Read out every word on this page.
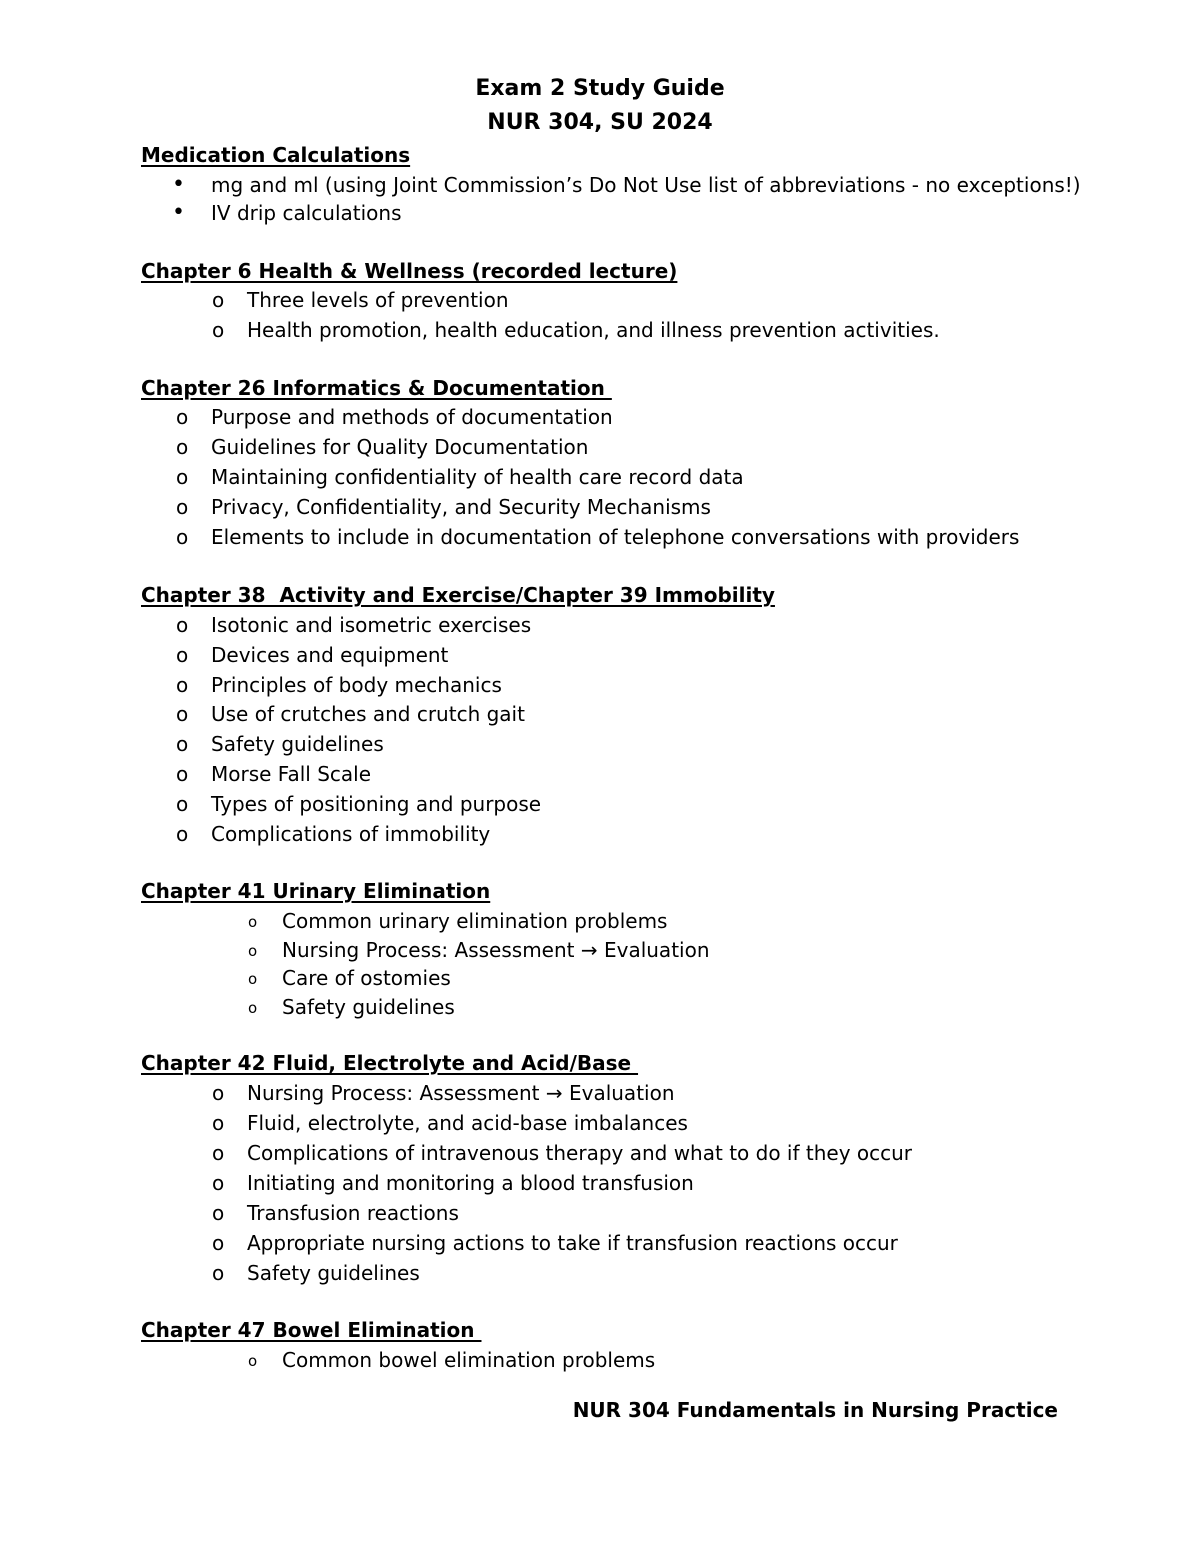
Exam 2 Study Guide
NUR 304, SU 2024
Medication Calculations
• mg and ml (using Joint Commission’s Do Not Use list of abbreviations - no exceptions!)
• IV drip calculations
Chapter 6 Health & Wellness (recorded lecture)
o Three levels of prevention
o Health promotion, health education, and illness prevention activities.
Chapter 26 Informatics & Documentation
o Purpose and methods of documentation
o Guidelines for Quality Documentation
o Maintaining confidentiality of health care record data
o Privacy, Confidentiality, and Security Mechanisms
o Elements to include in documentation of telephone conversations with providers
Chapter 38  Activity and Exercise/Chapter 39 Immobility
o Isotonic and isometric exercises
o Devices and equipment
o Principles of body mechanics
o Use of crutches and crutch gait
o Safety guidelines
o Morse Fall Scale
o Types of positioning and purpose
o Complications of immobility
Chapter 41 Urinary Elimination
o Common urinary elimination problems
o Nursing Process: Assessment → Evaluation
o Care of ostomies
o Safety guidelines
Chapter 42 Fluid, Electrolyte and Acid/Base
o Nursing Process: Assessment → Evaluation
o Fluid, electrolyte, and acid-base imbalances
o Complications of intravenous therapy and what to do if they occur
o Initiating and monitoring a blood transfusion
o Transfusion reactions
o Appropriate nursing actions to take if transfusion reactions occur
o Safety guidelines
Chapter 47 Bowel Elimination
o Common bowel elimination problems
NUR 304 Fundamentals in Nursing Practice
